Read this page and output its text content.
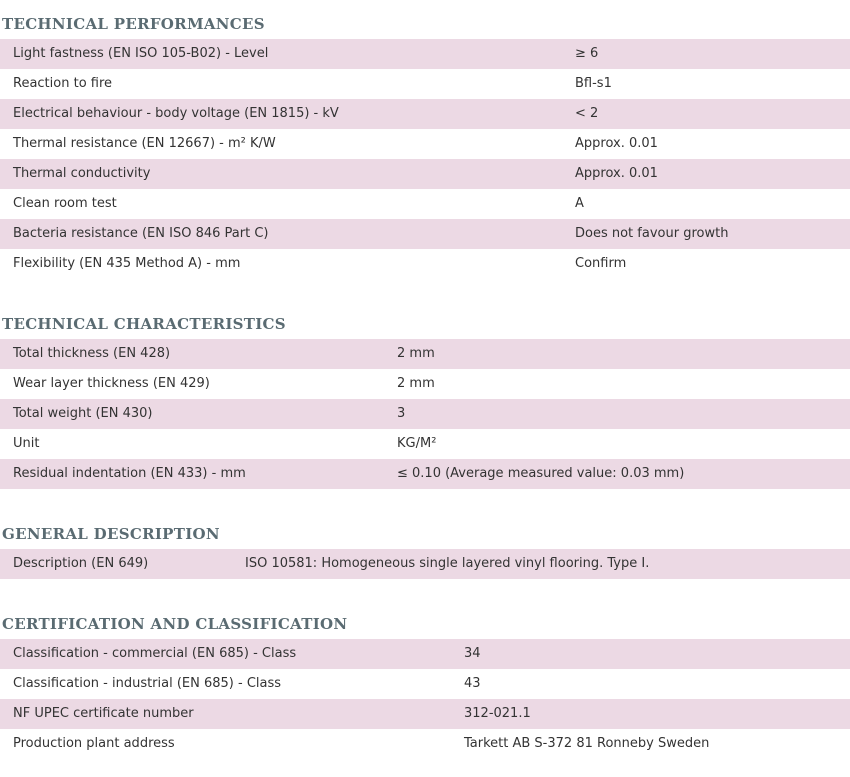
TECHNICAL PERFORMANCES
Light fastness (EN ISO 105-B02) - Level	≥ 6
Reaction to fire	Bfl-s1
Electrical behaviour - body voltage (EN 1815) - kV	< 2
Thermal resistance (EN 12667) - m² K/W	Approx. 0.01
Thermal conductivity	Approx. 0.01
Clean room test	A
Bacteria resistance (EN ISO 846 Part C)	Does not favour growth
Flexibility (EN 435 Method A) - mm	Confirm
TECHNICAL CHARACTERISTICS
Total thickness (EN 428)	2 mm
Wear layer thickness (EN 429)	2 mm
Total weight (EN 430)	3
Unit	KG/M²
Residual indentation (EN 433) - mm	≤ 0.10 (Average measured value: 0.03 mm)
GENERAL DESCRIPTION
Description (EN 649)	ISO 10581: Homogeneous single layered vinyl flooring. Type I.
CERTIFICATION AND CLASSIFICATION
Classification - commercial (EN 685) - Class	34
Classification - industrial (EN 685) - Class	43
NF UPEC certificate number	312-021.1
Production plant address	Tarkett AB S-372 81 Ronneby Sweden
